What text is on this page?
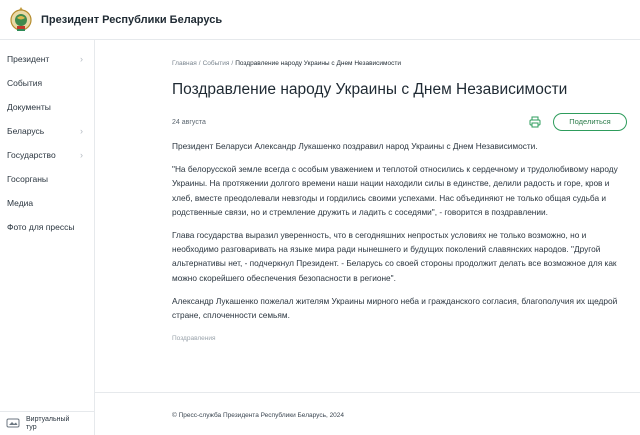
Президент Республики Беларусь
Президент	›
События
Документы
Беларусь	›
Государство	›
Госорганы
Медиа
Фото для прессы
Виртуальный
тур
Главная / События / Поздравление народу Украины с Днем Независимости
Поздравление народу Украины с Днем Независимости
24 августа	Поделиться

Президент Беларуси Александр Лукашенко поздравил народ Украины с Днем Независимости.

"На белорусской земле всегда с особым уважением и теплотой относились к сердечному и трудолюбивому народу Украины. На протяжении долгого времени наши нации находили силы в единстве, делили радость и горе, кров и хлеб, вместе преодолевали невзгоды и гордились своими успехами. Нас объединяют не только общая судьба и родственные связи, но и стремление дружить и ладить с соседями", - говорится в поздравлении.

Глава государства выразил уверенность, что в сегодняшних непростых условиях не только возможно, но и необходимо разговаривать на языке мира ради нынешнего и будущих поколений славянских народов. "Другой альтернативы нет, - подчеркнул Президент. - Беларусь со своей стороны продолжит делать все возможное для как можно скорейшего обеспечения безопасности в регионе".

Александр Лукашенко пожелал жителям Украины мирного неба и гражданского согласия, благополучия их щедрой стране, сплоченности семьям.

Поздравления
© Пресс-служба Президента Республики Беларусь, 2024
